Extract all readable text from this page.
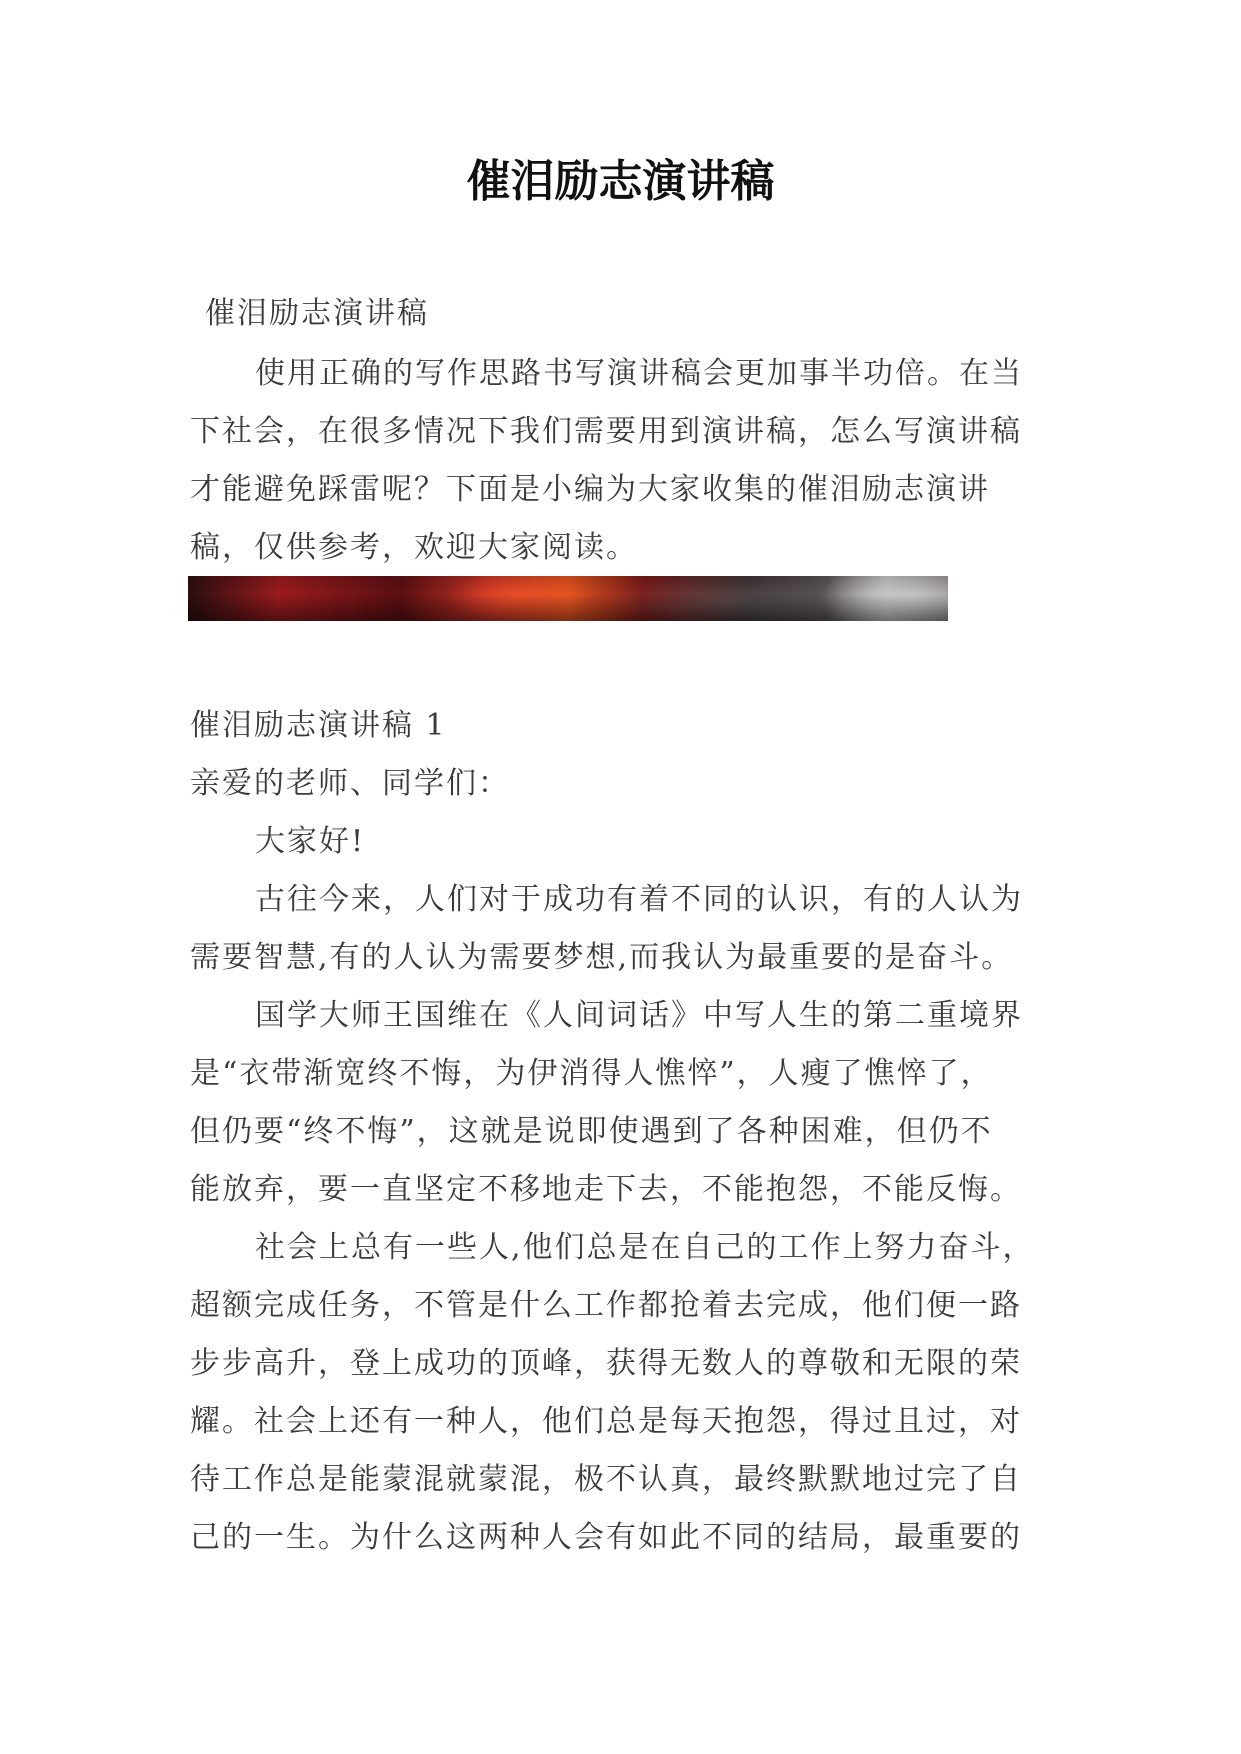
催泪励志演讲稿
催泪励志演讲稿
使用正确的写作思路书写演讲稿会更加事半功倍。在当
下社会，在很多情况下我们需要用到演讲稿，怎么写演讲稿
才能避免踩雷呢？下面是小编为大家收集的催泪励志演讲
稿，仅供参考，欢迎大家阅读。
催泪励志演讲稿 1
亲爱的老师、同学们：
大家好!
古往今来，人们对于成功有着不同的认识，有的人认为
需要智慧,有的人认为需要梦想,而我认为最重要的是奋斗。
国学大师王国维在《人间词话》中写人生的第二重境界
是“衣带渐宽终不悔，为伊消得人憔悴”，人瘦了憔悴了，
但仍要“终不悔”，这就是说即使遇到了各种困难，但仍不
能放弃，要一直坚定不移地走下去，不能抱怨，不能反悔。
社会上总有一些人,他们总是在自己的工作上努力奋斗，
超额完成任务，不管是什么工作都抢着去完成，他们便一路
步步高升，登上成功的顶峰，获得无数人的尊敬和无限的荣
耀。社会上还有一种人，他们总是每天抱怨，得过且过，对
待工作总是能蒙混就蒙混，极不认真，最终默默地过完了自
己的一生。为什么这两种人会有如此不同的结局，最重要的
